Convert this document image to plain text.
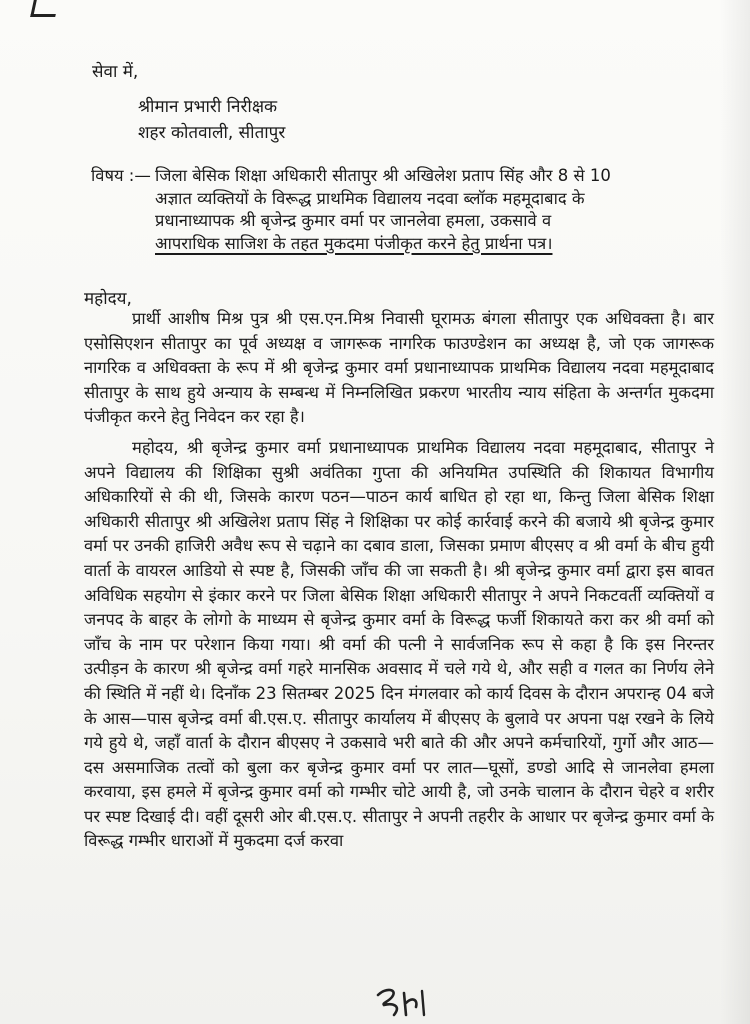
सेवा में,
श्रीमान प्रभारी निरीक्षक
शहर कोतवाली, सीतापुर
विषय :— जिला बेसिक शिक्षा अधिकारी सीतापुर श्री अखिलेश प्रताप सिंह और 8 से 10
अज्ञात व्यक्तियों के विरूद्ध प्राथमिक विद्यालय नदवा ब्लॉक महमूदाबाद के
प्रधानाध्यापक श्री बृजेन्द्र कुमार वर्मा पर जानलेवा हमला, उकसावे व
आपराधिक साजिश के तहत मुकदमा पंजीकृत करने हेतु प्रार्थना पत्र।
महोदय,

प्रार्थी आशीष मिश्र पुत्र श्री एस.एन.मिश्र निवासी घूरामऊ बंगला सीतापुर एक अधिवक्ता है। बार एसोसिएशन सीतापुर का पूर्व अध्यक्ष व जागरूक नागरिक फाउण्डेशन का अध्यक्ष है, जो एक जागरूक नागरिक व अधिवक्ता के रूप में श्री बृजेन्द्र कुमार वर्मा प्रधानाध्यापक प्राथमिक विद्यालय नदवा महमूदाबाद सीतापुर के साथ हुये अन्याय के सम्बन्ध में निम्नलिखित प्रकरण भारतीय न्याय संहिता के अन्तर्गत मुकदमा पंजीकृत करने हेतु निवेदन कर रहा है।

महोदय, श्री बृजेन्द्र कुमार वर्मा प्रधानाध्यापक प्राथमिक विद्यालय नदवा महमूदाबाद, सीतापुर ने अपने विद्यालय की शिक्षिका सुश्री अवंतिका गुप्ता की अनियमित उपस्थिति की शिकायत विभागीय अधिकारियों से की थी, जिसके कारण पठन—पाठन कार्य बाधित हो रहा था, किन्तु जिला बेसिक शिक्षा अधिकारी सीतापुर श्री अखिलेश प्रताप सिंह ने शिक्षिका पर कोई कार्रवाई करने की बजाये श्री बृजेन्द्र कुमार वर्मा पर उनकी हाजिरी अवैध रूप से चढ़ाने का दबाव डाला, जिसका प्रमाण बीएसए व श्री वर्मा के बीच हुयी वार्ता के वायरल आडियो से स्पष्ट है, जिसकी जाँच की जा सकती है। श्री बृजेन्द्र कुमार वर्मा द्वारा इस बावत अविधिक सहयोग से इंकार करने पर जिला बेसिक शिक्षा अधिकारी सीतापुर ने अपने निकटवर्ती व्यक्तियों व जनपद के बाहर के लोगो के माध्यम से बृजेन्द्र कुमार वर्मा के विरूद्ध फर्जी शिकायते करा कर श्री वर्मा को जाँच के नाम पर परेशान किया गया। श्री वर्मा की पत्नी ने सार्वजनिक रूप से कहा है कि इस निरन्तर उत्पीड़न के कारण श्री बृजेन्द्र वर्मा गहरे मानसिक अवसाद में चले गये थे, और सही व गलत का निर्णय लेने की स्थिति में नहीं थे। दिनाँक 23 सितम्बर 2025 दिन मंगलवार को कार्य दिवस के दौरान अपरान्ह 04 बजे के आस—पास बृजेन्द्र वर्मा बी.एस.ए. सीतापुर कार्यालय में बीएसए के बुलावे पर अपना पक्ष रखने के लिये गये हुये थे, जहाँ वार्ता के दौरान बीएसए ने उकसावे भरी बाते की और अपने कर्मचारियों, गुर्गो और आठ—दस असमाजिक तत्वों को बुला कर बृजेन्द्र कुमार वर्मा पर लात—घूसों, डण्डो आदि से जानलेवा हमला करवाया, इस हमले में बृजेन्द्र कुमार वर्मा को गम्भीर चोटे आयी है, जो उनके चालान के दौरान चेहरे व शरीर पर स्पष्ट दिखाई दी। वहीं दूसरी ओर बी.एस.ए. सीतापुर ने अपनी तहरीर के आधार पर बृजेन्द्र कुमार वर्मा के विरूद्ध गम्भीर धाराओं में मुकदमा दर्ज करवा
